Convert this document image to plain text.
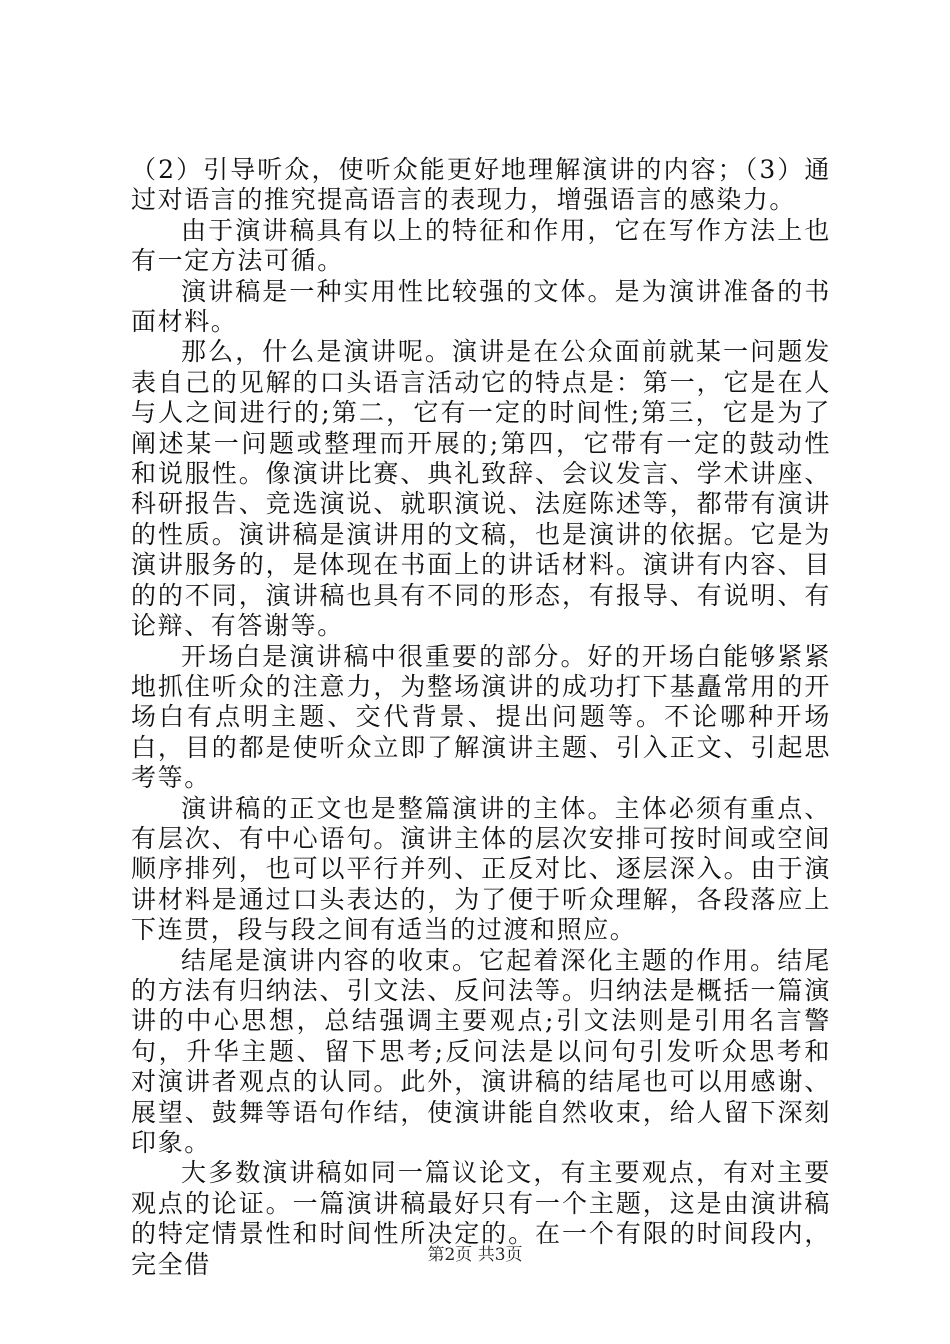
（2）引导听众，使听众能更好地理解演讲的内容；（3）通过对语言的推究提高语言的表现力，增强语言的感染力。

由于演讲稿具有以上的特征和作用，它在写作方法上也有一定方法可循。

演讲稿是一种实用性比较强的文体。是为演讲准备的书面材料。

那么，什么是演讲呢。演讲是在公众面前就某一问题发表自己的见解的口头语言活动它的特点是：第一，它是在人与人之间进行的;第二，它有一定的时间性;第三，它是为了阐述某一问题或整理而开展的;第四，它带有一定的鼓动性和说服性。像演讲比赛、典礼致辞、会议发言、学术讲座、科研报告、竞选演说、就职演说、法庭陈述等，都带有演讲的性质。演讲稿是演讲用的文稿，也是演讲的依据。它是为演讲服务的，是体现在书面上的讲话材料。演讲有内容、目的的不同，演讲稿也具有不同的形态，有报导、有说明、有论辩、有答谢等。

开场白是演讲稿中很重要的部分。好的开场白能够紧紧地抓住听众的注意力，为整场演讲的成功打下基矗常用的开场白有点明主题、交代背景、提出问题等。不论哪种开场白，目的都是使听众立即了解演讲主题、引入正文、引起思考等。

演讲稿的正文也是整篇演讲的主体。主体必须有重点、有层次、有中心语句。演讲主体的层次安排可按时间或空间顺序排列，也可以平行并列、正反对比、逐层深入。由于演讲材料是通过口头表达的，为了便于听众理解，各段落应上下连贯，段与段之间有适当的过渡和照应。

结尾是演讲内容的收束。它起着深化主题的作用。结尾的方法有归纳法、引文法、反问法等。归纳法是概括一篇演讲的中心思想，总结强调主要观点;引文法则是引用名言警句，升华主题、留下思考;反问法是以问句引发听众思考和对演讲者观点的认同。此外，演讲稿的结尾也可以用感谢、展望、鼓舞等语句作结，使演讲能自然收束，给人留下深刻印象。

大多数演讲稿如同一篇议论文，有主要观点，有对主要观点的论证。一篇演讲稿最好只有一个主题，这是由演讲稿的特定情景性和时间性所决定的。在一个有限的时间段内，完全借	第2页 共3页
